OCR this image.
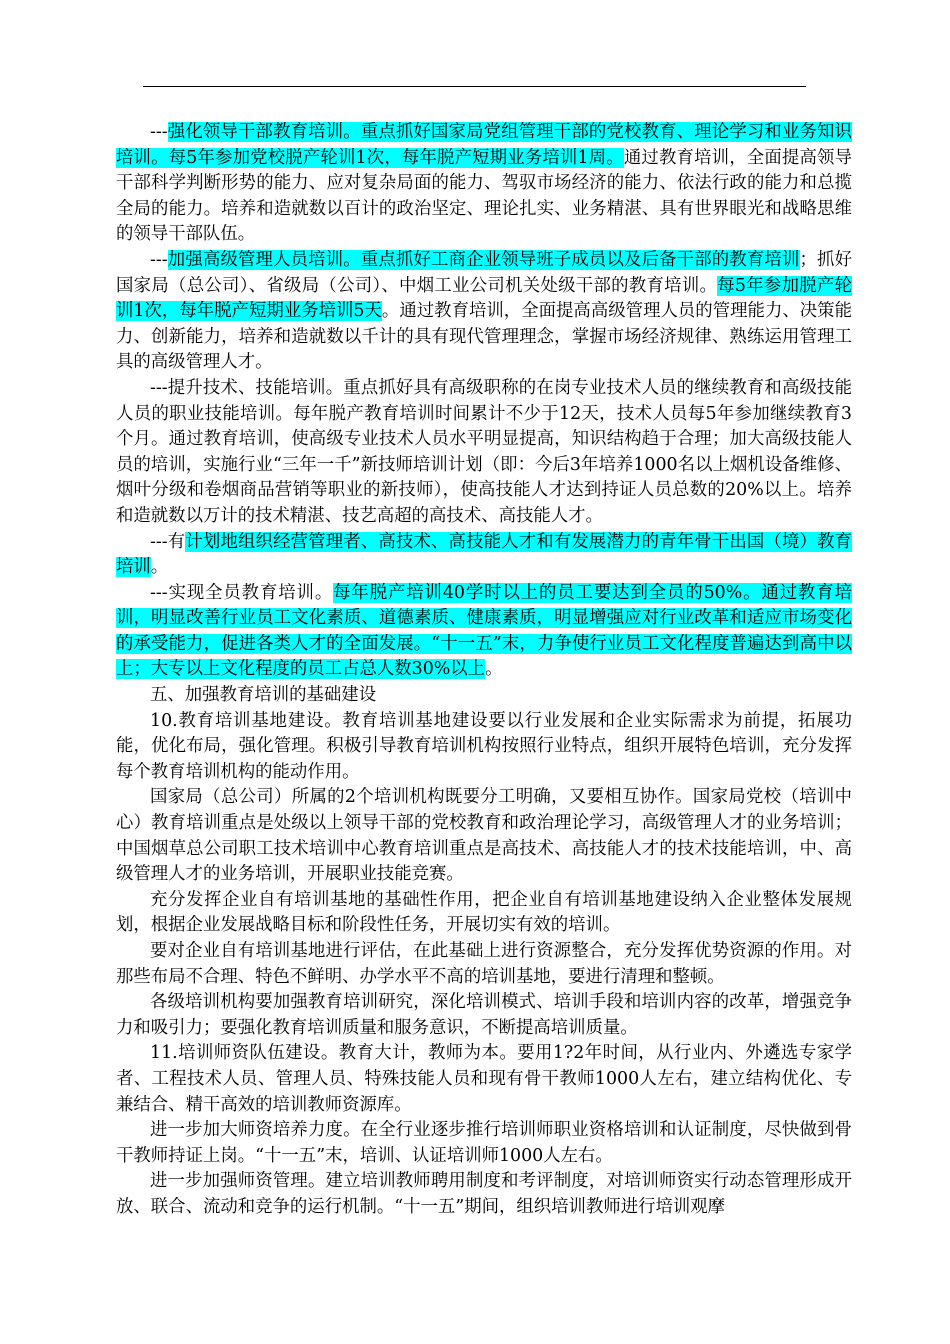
---强化领导干部教育培训。重点抓好国家局党组管理干部的党校教育、理论学习和业务知识培训。每5年参加党校脱产轮训1次，每年脱产短期业务培训1周。通过教育培训，全面提高领导干部科学判断形势的能力、应对复杂局面的能力、驾驭市场经济的能力、依法行政的能力和总揽全局的能力。培养和造就数以百计的政治坚定、理论扎实、业务精湛、具有世界眼光和战略思维的领导干部队伍。

---加强高级管理人员培训。重点抓好工商企业领导班子成员以及后备干部的教育培训；抓好国家局（总公司）、省级局（公司）、中烟工业公司机关处级干部的教育培训。每5年参加脱产轮训1次，每年脱产短期业务培训5天。通过教育培训，全面提高高级管理人员的管理能力、决策能力、创新能力，培养和造就数以千计的具有现代管理理念，掌握市场经济规律、熟练运用管理工具的高级管理人才。

---提升技术、技能培训。重点抓好具有高级职称的在岗专业技术人员的继续教育和高级技能人员的职业技能培训。每年脱产教育培训时间累计不少于12天，技术人员每5年参加继续教育3个月。通过教育培训，使高级专业技术人员水平明显提高，知识结构趋于合理；加大高级技能人员的培训，实施行业“三年一千”新技师培训计划（即：今后3年培养1000名以上烟机设备维修、烟叶分级和卷烟商品营销等职业的新技师），使高技能人才达到持证人员总数的20%以上。培养和造就数以万计的技术精湛、技艺高超的高技术、高技能人才。

---有计划地组织经营管理者、高技术、高技能人才和有发展潜力的青年骨干出国（境）教育培训。

---实现全员教育培训。每年脱产培训40学时以上的员工要达到全员的50%。通过教育培训，明显改善行业员工文化素质、道德素质、健康素质，明显增强应对行业改革和适应市场变化的承受能力，促进各类人才的全面发展。“十一五”末，力争使行业员工文化程度普遍达到高中以上；大专以上文化程度的员工占总人数30%以上。

五、加强教育培训的基础建设

10.教育培训基地建设。教育培训基地建设要以行业发展和企业实际需求为前提，拓展功能，优化布局，强化管理。积极引导教育培训机构按照行业特点，组织开展特色培训，充分发挥每个教育培训机构的能动作用。

国家局（总公司）所属的2个培训机构既要分工明确，又要相互协作。国家局党校（培训中心）教育培训重点是处级以上领导干部的党校教育和政治理论学习，高级管理人才的业务培训；中国烟草总公司职工技术培训中心教育培训重点是高技术、高技能人才的技术技能培训，中、高级管理人才的业务培训，开展职业技能竞赛。

充分发挥企业自有培训基地的基础性作用，把企业自有培训基地建设纳入企业整体发展规划，根据企业发展战略目标和阶段性任务，开展切实有效的培训。

要对企业自有培训基地进行评估，在此基础上进行资源整合，充分发挥优势资源的作用。对那些布局不合理、特色不鲜明、办学水平不高的培训基地，要进行清理和整顿。

各级培训机构要加强教育培训研究，深化培训模式、培训手段和培训内容的改革，增强竞争力和吸引力；要强化教育培训质量和服务意识，不断提高培训质量。

11.培训师资队伍建设。教育大计，教师为本。要用1?2年时间，从行业内、外遴选专家学者、工程技术人员、管理人员、特殊技能人员和现有骨干教师1000人左右，建立结构优化、专兼结合、精干高效的培训教师资源库。

进一步加大师资培养力度。在全行业逐步推行培训师职业资格培训和认证制度，尽快做到骨干教师持证上岗。“十一五”末，培训、认证培训师1000人左右。

进一步加强师资管理。建立培训教师聘用制度和考评制度，对培训师资实行动态管理形成开放、联合、流动和竞争的运行机制。“十一五”期间，组织培训教师进行培训观摩
